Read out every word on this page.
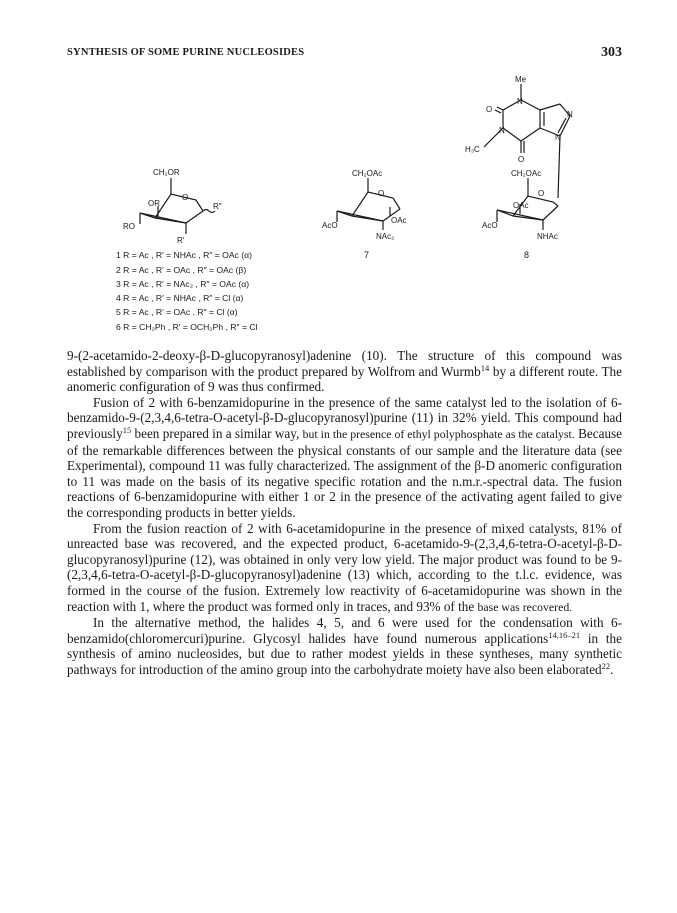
SYNTHESIS OF SOME PURINE NUCLEOSIDES	303
CH₂OR
O
OR	R″
RO
R′
CH₂OAc
O
AcO
OAc
NAc₂
7
Me
O
N
N
N
N
H₃C
O
CH₂OAc
O
OAc
AcO
NHAc
8
1 R = Ac , R′ = NHAc , R″ = OAc (α)
2 R = Ac , R′ = OAc , R″ = OAc (β)
3 R = Ac , R′ = NAc₂ , R″ = OAc (α)
4 R = Ac , R′ = NHAc , R″ = Cl (α)
5 R = Ac , R′ = OAc , R″ = Cl (α)
6 R = CH₂Ph , R′ = OCH₂Ph , R″ = Cl

9-(2-acetamido-2-deoxy-β-D-glucopyranosyl)adenine (10). The structure of this compound was established by comparison with the product prepared by Wolfrom and Wurmb$^{14}$ by a different route. The anomeric configuration of 9 was thus confirmed.

Fusion of 2 with 6-benzamidopurine in the presence of the same catalyst led to the isolation of 6-benzamido-9-(2,3,4,6-tetra-O-acetyl-β-D-glucopyranosyl)purine (11) in 32% yield. This compound had previously$^{15}$ been prepared in a similar way, but in the presence of ethyl polyphosphate as the catalyst. Because of the remarkable differences between the physical constants of our sample and the literature data (see Experimental), compound 11 was fully characterized. The assignment of the β-D anomeric configuration to 11 was made on the basis of its negative specific rotation and the n.m.r.-spectral data. The fusion reactions of 6-benzamidopurine with either 1 or 2 in the presence of the activating agent failed to give the corresponding products in better yields.

From the fusion reaction of 2 with 6-acetamidopurine in the presence of mixed catalysts, 81% of unreacted base was recovered, and the expected product, 6-acetamido-9-(2,3,4,6-tetra-O-acetyl-β-D-glucopyranosyl)purine (12), was obtained in only very low yield. The major product was found to be 9-(2,3,4,6-tetra-O-acetyl-β-D-glucopyranosyl)adenine (13) which, according to the t.l.c. evidence, was formed in the course of the fusion. Extremely low reactivity of 6-acetamidopurine was shown in the reaction with 1, where the product was formed only in traces, and 93% of the base was recovered.

In the alternative method, the halides 4, 5, and 6 were used for the condensation with 6-benzamido(chloromercuri)purine. Glycosyl halides have found numerous applications$^{14,16-21}$ in the synthesis of amino nucleosides, but due to rather modest yields in these syntheses, many synthetic pathways for introduction of the amino group into the carbohydrate moiety have also been elaborated$^{22}$.
